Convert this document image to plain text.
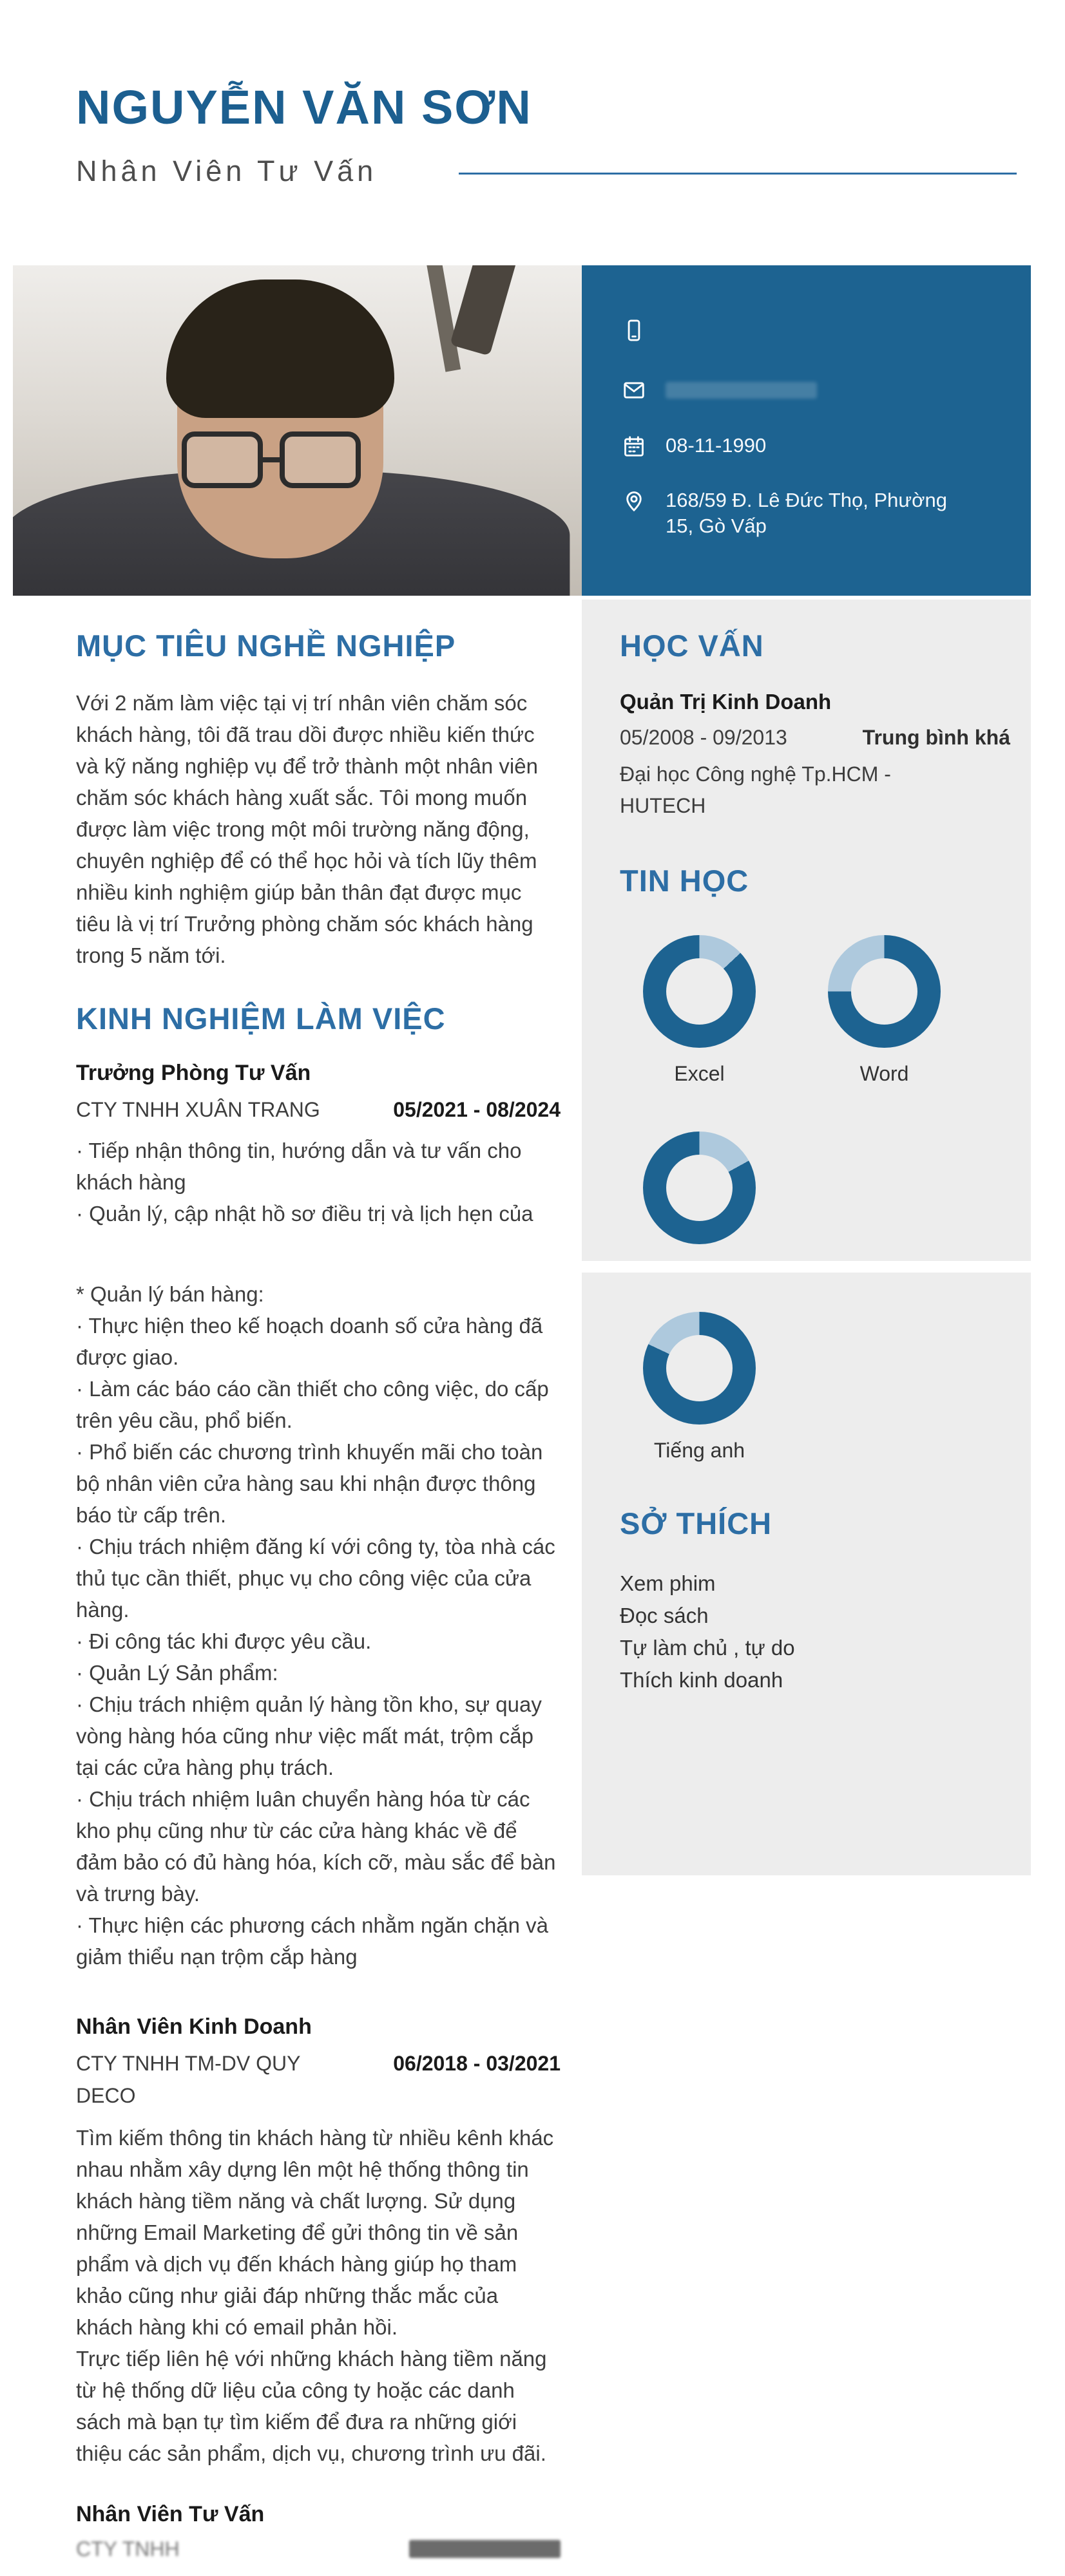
NGUYỄN VĂN SƠN
Nhân Viên Tư Vấn
08-11-1990
168/59 Đ. Lê Đức Thọ, Phường 15, Gò Vấp
MỤC TIÊU NGHỀ NGHIỆP
Với 2 năm làm việc tại vị trí nhân viên chăm sóc khách hàng, tôi đã trau dồi được nhiều kiến thức và kỹ năng nghiệp vụ để trở thành một nhân viên chăm sóc khách hàng xuất sắc. Tôi mong muốn được làm việc trong một môi trường năng động, chuyên nghiệp để có thể học hỏi và tích lũy thêm nhiều kinh nghiệm giúp bản thân đạt được mục tiêu là vị trí Trưởng phòng chăm sóc khách hàng trong 5 năm tới.
KINH NGHIỆM LÀM VIỆC
Trưởng Phòng Tư Vấn
CTY TNHH XUÂN TRANG	05/2021 - 08/2024
· Tiếp nhận thông tin, hướng dẫn và tư vấn cho khách hàng
· Quản lý, cập nhật hồ sơ điều trị và lịch hẹn của
* Quản lý bán hàng:
· Thực hiện theo kế hoạch doanh số cửa hàng đã được giao.
· Làm các báo cáo cần thiết cho công việc, do cấp trên yêu cầu, phổ biến.
· Phổ biến các chương trình khuyến mãi cho toàn bộ nhân viên cửa hàng sau khi nhận được thông báo từ cấp trên.
· Chịu trách nhiệm đăng kí với công ty, tòa nhà các thủ tục cần thiết, phục vụ cho công việc của cửa hàng.
· Đi công tác khi được yêu cầu.
· Quản Lý Sản phẩm:
· Chịu trách nhiệm quản lý hàng tồn kho, sự quay vòng hàng hóa cũng như việc mất mát, trộm cắp tại các cửa hàng phụ trách.
· Chịu trách nhiệm luân chuyển hàng hóa từ các kho phụ cũng như từ các cửa hàng khác về để đảm bảo có đủ hàng hóa, kích cỡ, màu sắc để bàn và trưng bày.
· Thực hiện các phương cách nhằm ngăn chặn và giảm thiểu nạn trộm cắp hàng
Nhân Viên Kinh Doanh
CTY TNHH TM-DV QUY DECO
06/2018 - 03/2021
Tìm kiếm thông tin khách hàng từ nhiều kênh khác nhau nhằm xây dựng lên một hệ thống thông tin khách hàng tiềm năng và chất lượng. Sử dụng những Email Marketing để gửi thông tin về sản phẩm và dịch vụ đến khách hàng giúp họ tham khảo cũng như giải đáp những thắc mắc của khách hàng khi có email phản hồi.
Trực tiếp liên hệ với những khách hàng tiềm năng từ hệ thống dữ liệu của công ty hoặc các danh sách mà bạn tự tìm kiếm để đưa ra những giới thiệu các sản phẩm, dịch vụ, chương trình ưu đãi.
Nhân Viên Tư Vấn
CTY TNHH
HỌC VẤN
Quản Trị Kinh Doanh
05/2008 - 09/2013	Trung bình khá
Đại học Công nghệ Tp.HCM - HUTECH
TIN HỌC
Excel	Word
Tiếng anh
SỞ THÍCH
Xem phim
Đọc sách
Tự làm chủ , tự do
Thích kinh doanh
